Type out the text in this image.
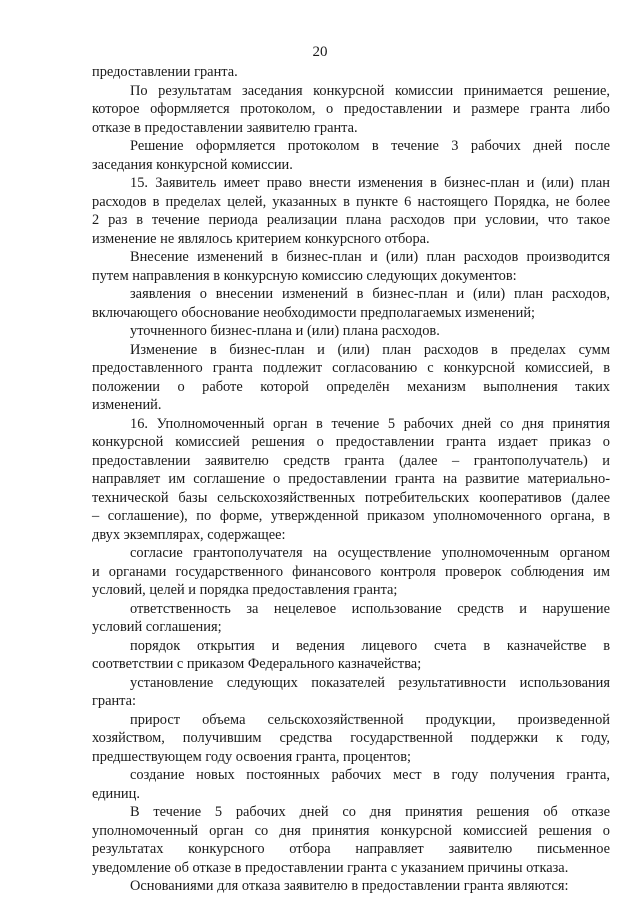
20
предоставлении гранта.
По результатам заседания конкурсной комиссии принимается решение,
которое оформляется протоколом, о предоставлении и размере гранта либо
отказе в предоставлении заявителю гранта.
Решение оформляется протоколом в течение 3 рабочих дней после
заседания конкурсной комиссии.
15. Заявитель имеет право внести изменения в бизнес-план и (или) план
расходов в пределах целей, указанных в пункте 6 настоящего Порядка, не более
2 раз в течение периода реализации плана расходов при условии, что такое
изменение не являлось критерием конкурсного отбора.
Внесение изменений в бизнес-план и (или) план расходов производится
путем направления в конкурсную комиссию следующих документов:
заявления о внесении изменений в бизнес-план и (или) план расходов,
включающего обоснование необходимости предполагаемых изменений;
уточненного бизнес-плана и (или) плана расходов.
Изменение в бизнес-план и (или) план расходов в пределах сумм
предоставленного гранта подлежит согласованию с конкурсной комиссией, в
положении о работе которой определён механизм выполнения таких
изменений.
16. Уполномоченный орган в течение 5 рабочих дней со дня принятия
конкурсной комиссией решения о предоставлении гранта издает приказ о
предоставлении заявителю средств гранта (далее – грантополучатель) и
направляет им соглашение о предоставлении гранта на развитие материально-
технической базы сельскохозяйственных потребительских кооперативов (далее
– соглашение), по форме, утвержденной приказом уполномоченного органа, в
двух экземплярах, содержащее:
согласие грантополучателя на осуществление уполномоченным органом
и органами государственного финансового контроля проверок соблюдения им
условий, целей и порядка предоставления гранта;
ответственность за нецелевое использование средств и нарушение
условий соглашения;
порядок открытия и ведения лицевого счета в казначействе в
соответствии с приказом Федерального казначейства;
установление следующих показателей результативности использования
гранта:
прирост объема сельскохозяйственной продукции, произведенной
хозяйством, получившим средства государственной поддержки к году,
предшествующем году освоения гранта, процентов;
создание новых постоянных рабочих мест в году получения гранта,
единиц.
В течение 5 рабочих дней со дня принятия решения об отказе
уполномоченный орган со дня принятия конкурсной комиссией решения о
результатах конкурсного отбора направляет заявителю письменное
уведомление об отказе в предоставлении гранта с указанием причины отказа.
Основаниями для отказа заявителю в предоставлении гранта являются:
